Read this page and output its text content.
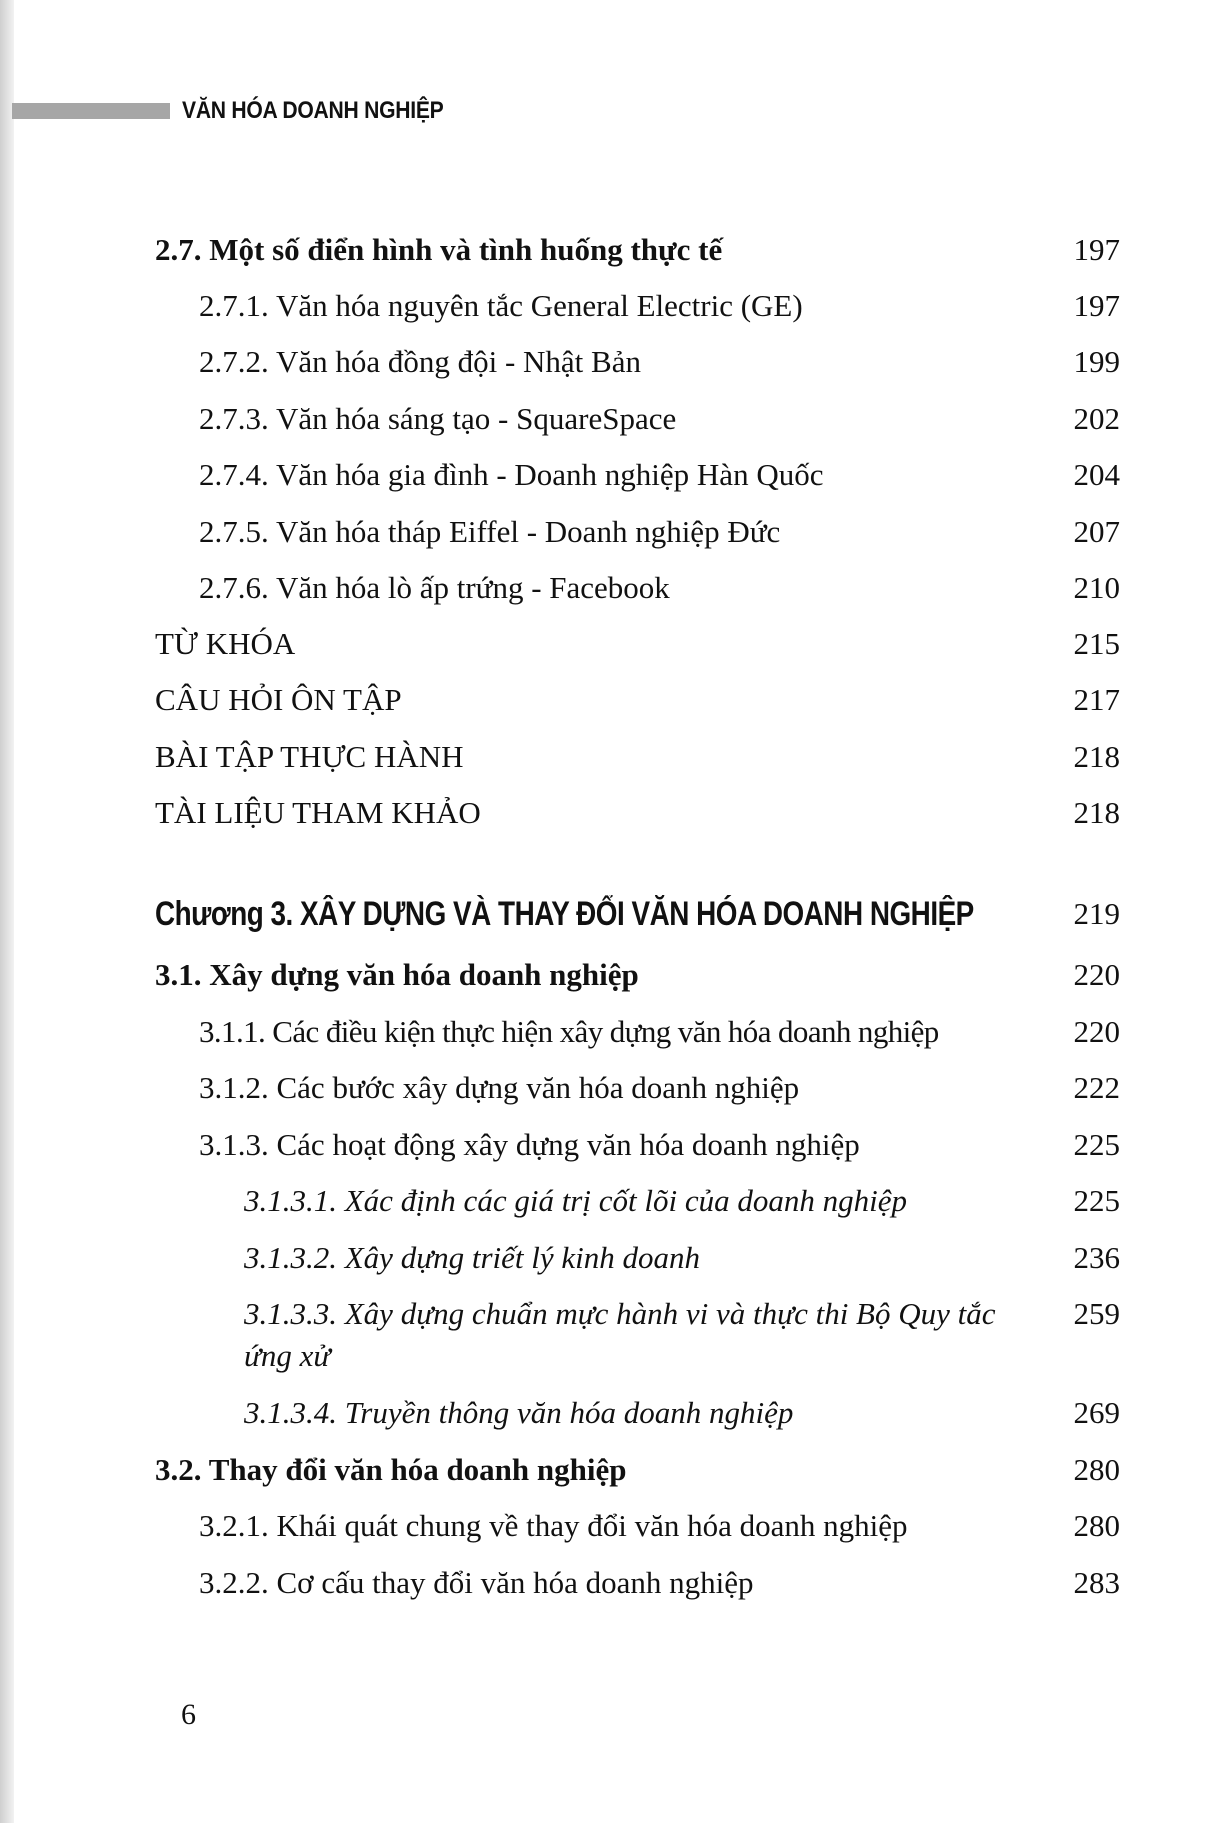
VĂN HÓA DOANH NGHIỆP
2.7. Một số điển hình và tình huống thực tế	197
2.7.1. Văn hóa nguyên tắc General Electric (GE)	197
2.7.2. Văn hóa đồng đội - Nhật Bản	199
2.7.3. Văn hóa sáng tạo - SquareSpace	202
2.7.4. Văn hóa gia đình - Doanh nghiệp Hàn Quốc	204
2.7.5. Văn hóa tháp Eiffel - Doanh nghiệp Đức	207
2.7.6. Văn hóa lò ấp trứng - Facebook	210
TỪ KHÓA	215
CÂU HỎI ÔN TẬP	217
BÀI TẬP THỰC HÀNH	218
TÀI LIỆU THAM KHẢO	218
Chương 3. XÂY DỰNG VÀ THAY ĐỔI VĂN HÓA DOANH NGHIỆP	219
3.1. Xây dựng văn hóa doanh nghiệp	220
3.1.1. Các điều kiện thực hiện xây dựng văn hóa doanh nghiệp	220
3.1.2. Các bước xây dựng văn hóa doanh nghiệp	222
3.1.3. Các hoạt động xây dựng văn hóa doanh nghiệp	225
3.1.3.1. Xác định các giá trị cốt lõi của doanh nghiệp	225
3.1.3.2. Xây dựng triết lý kinh doanh	236
3.1.3.3. Xây dựng chuẩn mực hành vi và thực thi Bộ Quy tắc ứng xử
259
3.1.3.4. Truyền thông văn hóa doanh nghiệp	269
3.2. Thay đổi văn hóa doanh nghiệp	280
3.2.1. Khái quát chung về thay đổi văn hóa doanh nghiệp	280
3.2.2. Cơ cấu thay đổi văn hóa doanh nghiệp	283
6
